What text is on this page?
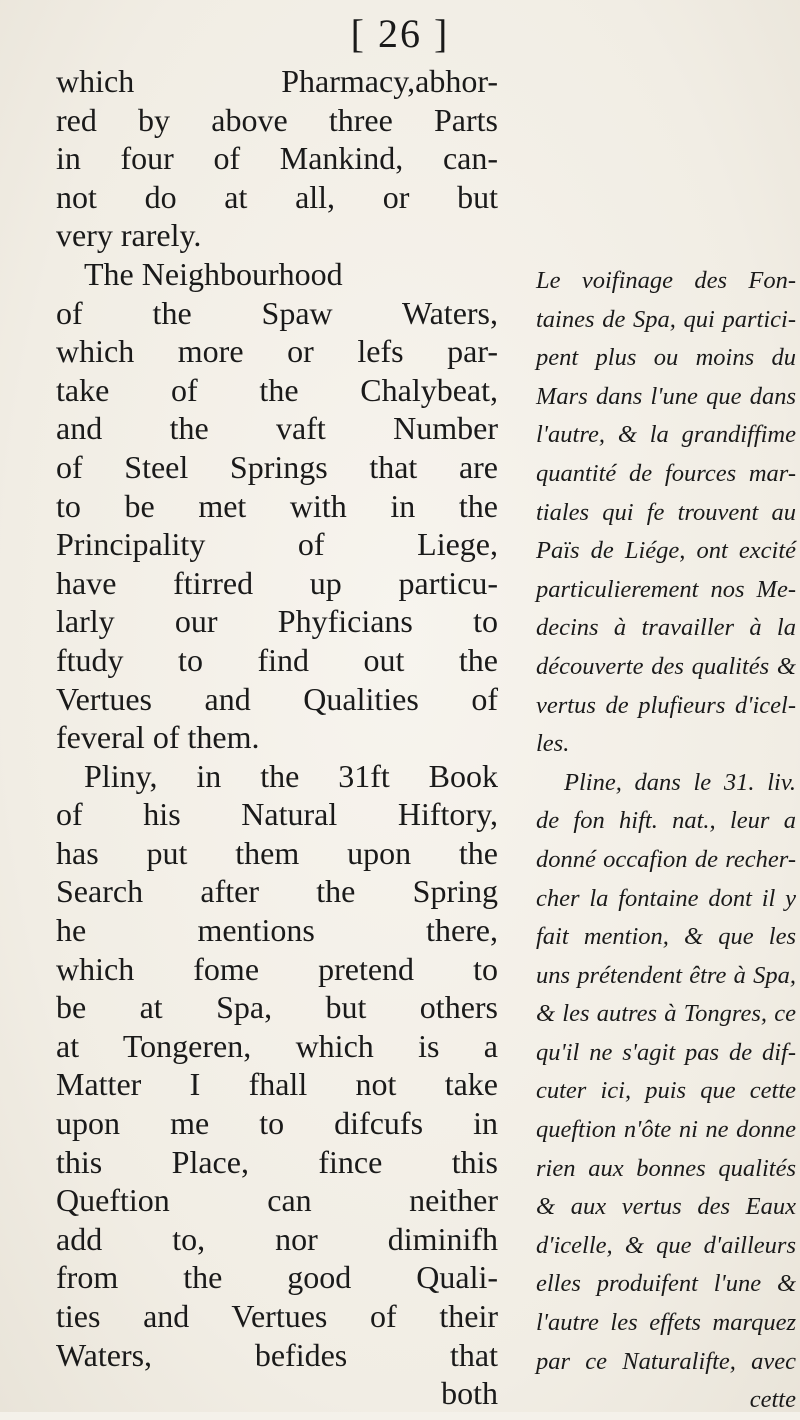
[ 26 ]
which Pharmacy,abhor-
red by above three Parts
in four of Mankind, can-
not do at all, or but
very rarely.
The Neighbourhood
of the Spaw Waters,
which more or lefs par-
take of the Chalybeat,
and the vaft Number
of Steel Springs that are
to be met with in the
Principality of Liege,
have ftirred up particu-
larly our Phyficians to
ftudy to find out the
Vertues and Qualities of
feveral of them.
Pliny, in the 31ft Book
of his Natural Hiftory,
has put them upon the
Search after the Spring
he mentions there,
which fome pretend to
be at Spa, but others
at Tongeren, which is a
Matter I fhall not take
upon me to difcufs in
this Place, fince this
Queftion can neither
add to, nor diminifh
from the good Quali-
ties and Vertues of their
Waters, befides that
both
Le voifinage des Fon-
taines de Spa, qui partici-
pent plus ou moins du
Mars dans l'une que dans
l'autre, & la grandiffime
quantité de fources mar-
tiales qui fe trouvent au
Païs de Liége, ont excité
particulierement nos Me-
decins à travailler à la
découverte des qualités &
vertus de plufieurs d'icel-
les.
Pline, dans le 31. liv.
de fon hift. nat., leur a
donné occafion de recher-
cher la fontaine dont il y
fait mention, & que les
uns prétendent être à Spa,
& les autres à Tongres, ce
qu'il ne s'agit pas de dif-
cuter ici, puis que cette
queftion n'ôte ni ne donne
rien aux bonnes qualités
& aux vertus des Eaux
d'icelle, & que d'ailleurs
elles produifent l'une &
l'autre les effets marquez
par ce Naturalifte, avec
cette
